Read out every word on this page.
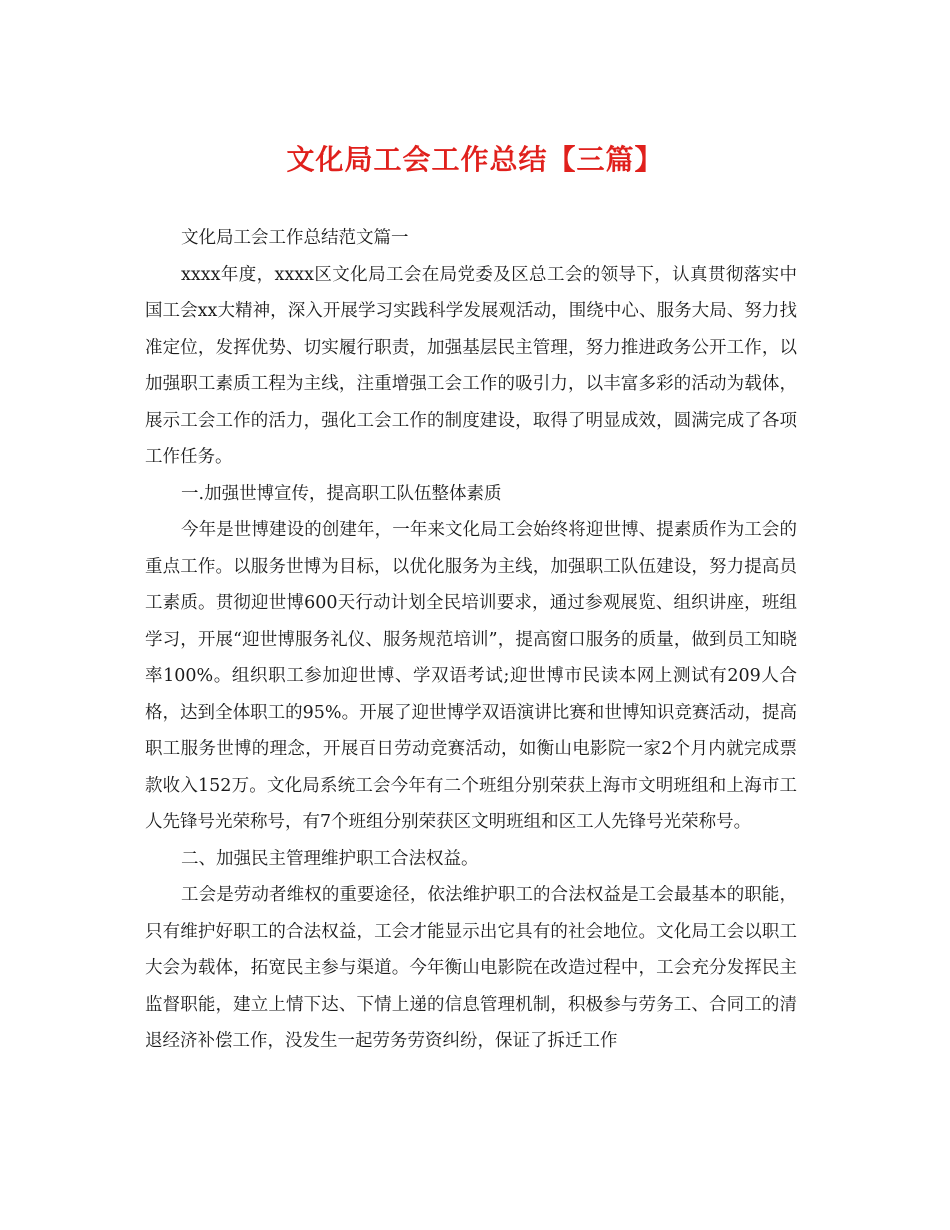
文化局工会工作总结【三篇】

文化局工会工作总结范文篇一

xxxx年度，xxxx区文化局工会在局党委及区总工会的领导下，认真贯彻落实中国工会xx大精神，深入开展学习实践科学发展观活动，围绕中心、服务大局、努力找准定位，发挥优势、切实履行职责，加强基层民主管理，努力推进政务公开工作，以加强职工素质工程为主线，注重增强工会工作的吸引力，以丰富多彩的活动为载体，展示工会工作的活力，强化工会工作的制度建设，取得了明显成效，圆满完成了各项工作任务。

一.加强世博宣传，提高职工队伍整体素质

今年是世博建设的创建年，一年来文化局工会始终将迎世博、提素质作为工会的重点工作。以服务世博为目标，以优化服务为主线，加强职工队伍建设，努力提高员工素质。贯彻迎世博600天行动计划全民培训要求，通过参观展览、组织讲座，班组学习，开展“迎世博服务礼仪、服务规范培训”，提高窗口服务的质量，做到员工知晓率100%。组织职工参加迎世博、学双语考试;迎世博市民读本网上测试有209人合格，达到全体职工的95%。开展了迎世博学双语演讲比赛和世博知识竞赛活动，提高职工服务世博的理念，开展百日劳动竞赛活动，如衡山电影院一家2个月内就完成票款收入152万。文化局系统工会今年有二个班组分别荣获上海市文明班组和上海市工人先锋号光荣称号，有7个班组分别荣获区文明班组和区工人先锋号光荣称号。

二、加强民主管理维护职工合法权益。

工会是劳动者维权的重要途径，依法维护职工的合法权益是工会最基本的职能，只有维护好职工的合法权益，工会才能显示出它具有的社会地位。文化局工会以职工大会为载体，拓宽民主参与渠道。今年衡山电影院在改造过程中，工会充分发挥民主监督职能，建立上情下达、下情上递的信息管理机制，积极参与劳务工、合同工的清退经济补偿工作，没发生一起劳务劳资纠纷，保证了拆迁工作
